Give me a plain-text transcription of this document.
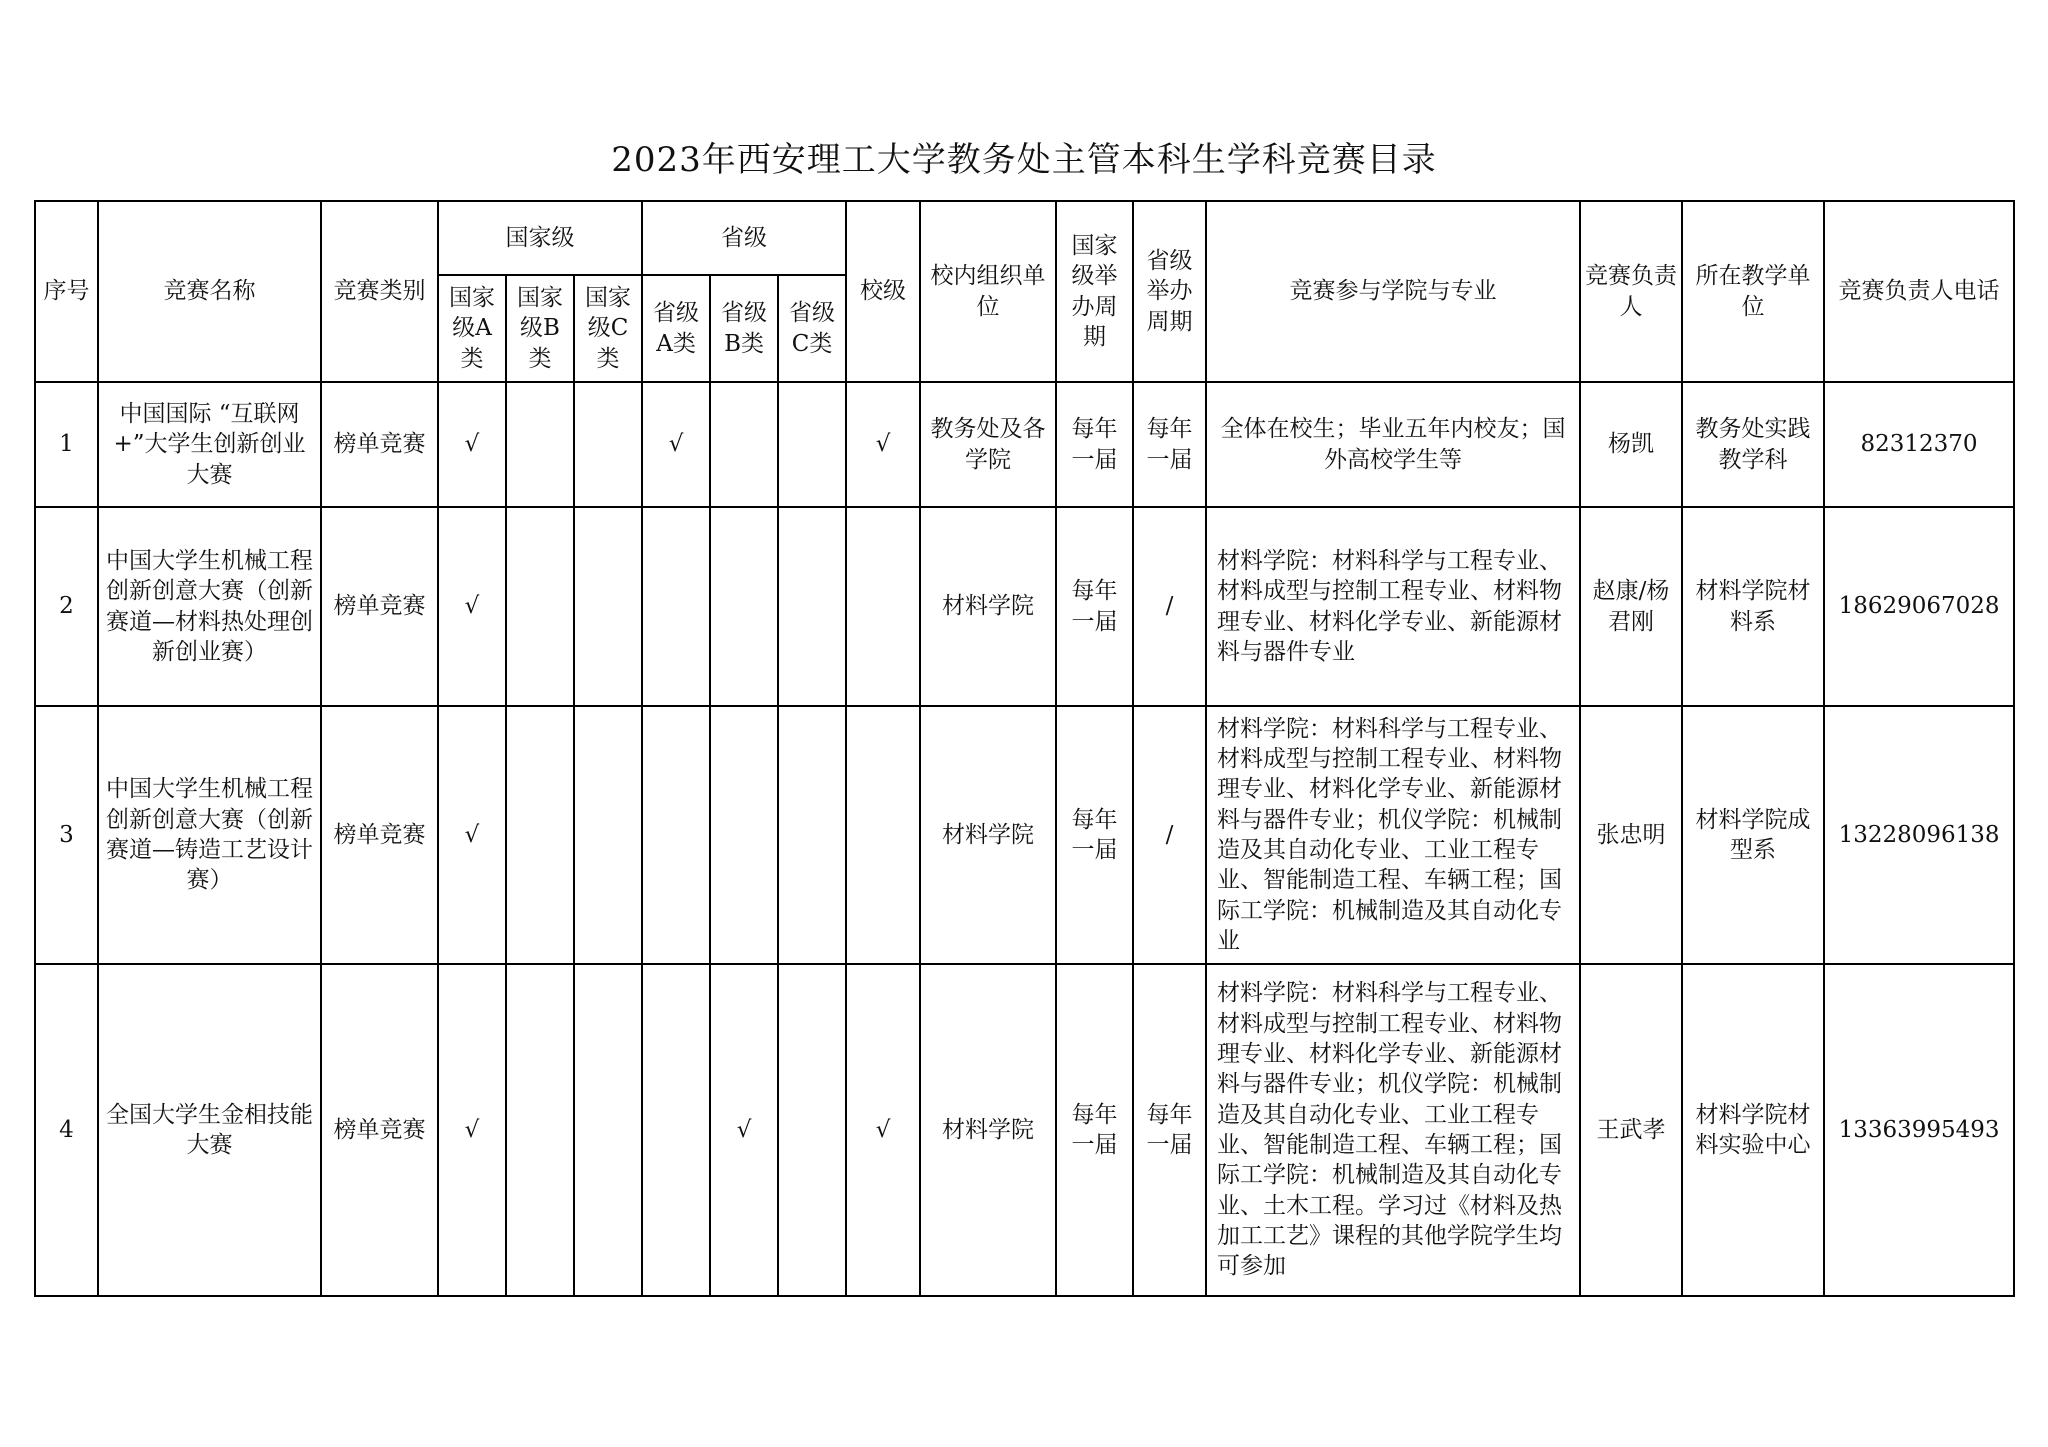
2023年西安理工大学教务处主管本科生学科竞赛目录
序号	竞赛名称	竞赛类别	国家级			省级			校级	校内组织单位	国家级举办周期	省级举办周期	竞赛参与学院与专业	竞赛负责人	所在教学单位	竞赛负责人电话
			国家级A类	国家级B类	国家级C类	省级A类	省级B类	省级C类								
1	中国国际 “互联网+”大学生创新创业大赛	榜单竞赛	√			√			√	教务处及各学院	每年一届	每年一届	全体在校生；毕业五年内校友；国外高校学生等	杨凯	教务处实践教学科	82312370
2	中国大学生机械工程创新创意大赛（创新赛道—材料热处理创新创业赛）	榜单竞赛	√							材料学院	每年一届	/	材料学院：材料科学与工程专业、材料成型与控制工程专业、材料物理专业、材料化学专业、新能源材料与器件专业	赵康/杨君刚	材料学院材料系	18629067028
3	中国大学生机械工程创新创意大赛（创新赛道—铸造工艺设计赛）	榜单竞赛	√							材料学院	每年一届	/	材料学院：材料科学与工程专业、材料成型与控制工程专业、材料物理专业、材料化学专业、新能源材料与器件专业；机仪学院：机械制造及其自动化专业、工业工程专业、智能制造工程、车辆工程；国际工学院：机械制造及其自动化专业	张忠明	材料学院成型系	13228096138
4	全国大学生金相技能大赛	榜单竞赛	√				√		√	材料学院	每年一届	每年一届	材料学院：材料科学与工程专业、材料成型与控制工程专业、材料物理专业、材料化学专业、新能源材料与器件专业；机仪学院：机械制造及其自动化专业、工业工程专业、智能制造工程、车辆工程；国际工学院：机械制造及其自动化专业、土木工程。学习过《材料及热加工工艺》课程的其他学院学生均可参加	王武孝	材料学院材料实验中心	13363995493
